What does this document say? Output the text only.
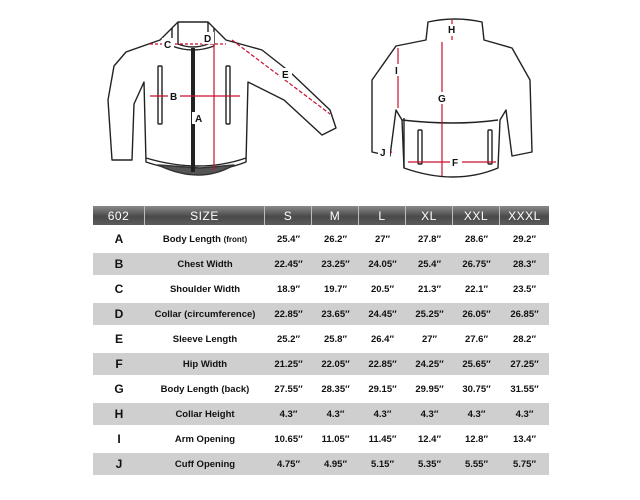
C
D
B
A
E
H
G
I
F
J
602	SIZE	S	M	L	XL	XXL	XXXL
A	Body Length (front)	25.4″	26.2″	27″	27.8″	28.6″	29.2″
B	Chest Width	22.45″	23.25″	24.05″	25.4″	26.75″	28.3″
C	Shoulder Width	18.9″	19.7″	20.5″	21.3″	22.1″	23.5″
D	Collar (circumference)	22.85″	23.65″	24.45″	25.25″	26.05″	26.85″
E	Sleeve Length	25.2″	25.8″	26.4″	27″	27.6″	28.2″
F	Hip Width	21.25″	22.05″	22.85″	24.25″	25.65″	27.25″
G	Body Length (back)	27.55″	28.35″	29.15″	29.95″	30.75″	31.55″
H	Collar Height	4.3″	4.3″	4.3″	4.3″	4.3″	4.3″
I	Arm Opening	10.65″	11.05″	11.45″	12.4″	12.8″	13.4″
J	Cuff Opening	4.75″	4.95″	5.15″	5.35″	5.55″	5.75″
